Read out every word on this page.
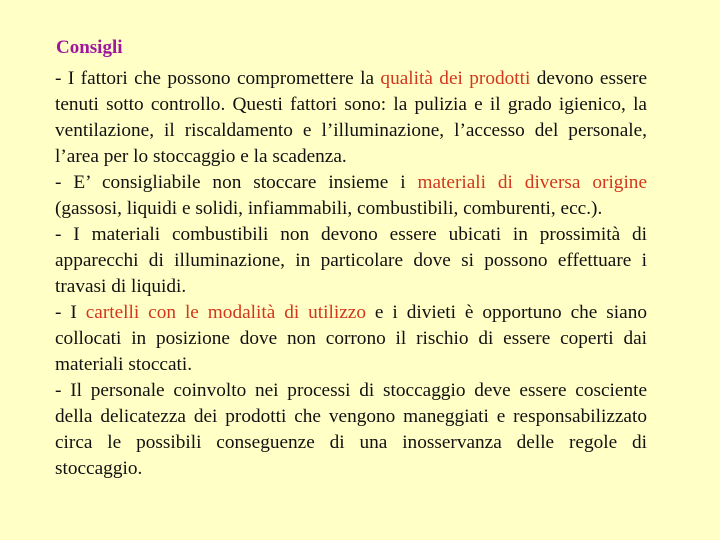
Consigli

- I fattori che possono compromettere la qualità dei prodotti devono essere tenuti sotto controllo. Questi fattori sono: la pulizia e il grado igienico, la ventilazione, il riscaldamento e l’illuminazione, l’accesso del personale, l’area per lo stoccaggio e la scadenza.

- E’ consigliabile non stoccare insieme i materiali di diversa origine (gassosi, liquidi e solidi, infiammabili, combustibili, comburenti, ecc.).

- I materiali combustibili non devono essere ubicati in prossimità di apparecchi di illuminazione, in particolare dove si possono effettuare i travasi di liquidi.

- I cartelli con le modalità di utilizzo e i divieti è opportuno che siano collocati in posizione dove non corrono il rischio di essere coperti dai materiali stoccati.

- Il personale coinvolto nei processi di stoccaggio deve essere cosciente della delicatezza dei prodotti che vengono maneggiati e responsabilizzato circa le possibili conseguenze di una inosservanza delle regole di stoccaggio.
